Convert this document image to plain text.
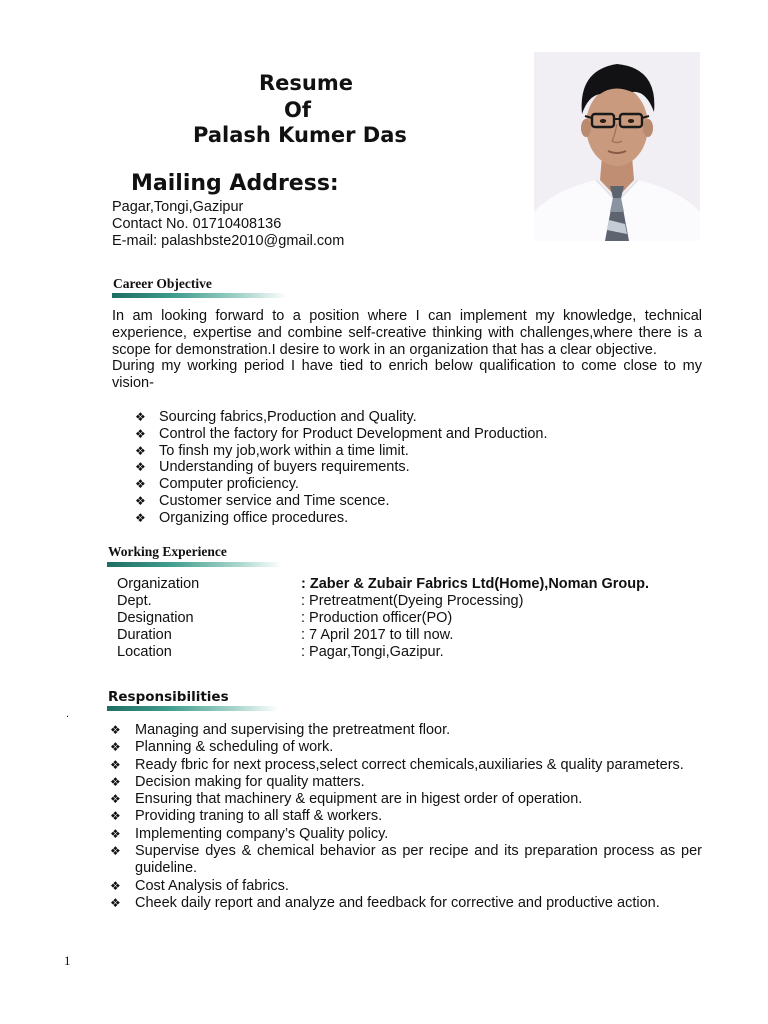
Resume
Of
Palash Kumer Das
Mailing Address:
Pagar,Tongi,Gazipur
Contact No. 01710408136
E-mail: palashbste2010@gmail.com
Career Objective

In am looking forward to a position where I can implement my knowledge, technical experience, expertise and combine self-creative thinking with challenges,where there is a scope for demonstration.I desire to work in an organization that has a clear objective.

During my working period I have tied to enrich below qualification to come close to my vision-

❖ Sourcing fabrics,Production and Quality.
❖ Control the factory for Product Development and Production.
❖ To finsh my job,work within a time limit.
❖ Understanding of buyers requirements.
❖ Computer proficiency.
❖ Customer service and Time scence.
❖ Organizing office procedures.
Working Experience
Organization	: Zaber & Zubair Fabrics Ltd(Home),Noman Group.
Dept.	: Pretreatment(Dyeing Processing)
Designation	: Production officer(PO)
Duration	: 7 April 2017 to till now.
Location	: Pagar,Tongi,Gazipur.
Responsibilities
.
❖ Managing and supervising the pretreatment floor.
❖ Planning & scheduling of work.
❖ Ready fbric for next process,select correct chemicals,auxiliaries & quality parameters.
❖ Decision making for quality matters.
❖ Ensuring that machinery & equipment are in higest order of operation.
❖ Providing traning to all staff & workers.
❖ Implementing company’s Quality policy.
❖ Supervise dyes & chemical behavior as per recipe and its preparation process as per guideline.
❖ Cost Analysis of fabrics.
❖ Cheek daily report and analyze and feedback for corrective and productive action.
1
